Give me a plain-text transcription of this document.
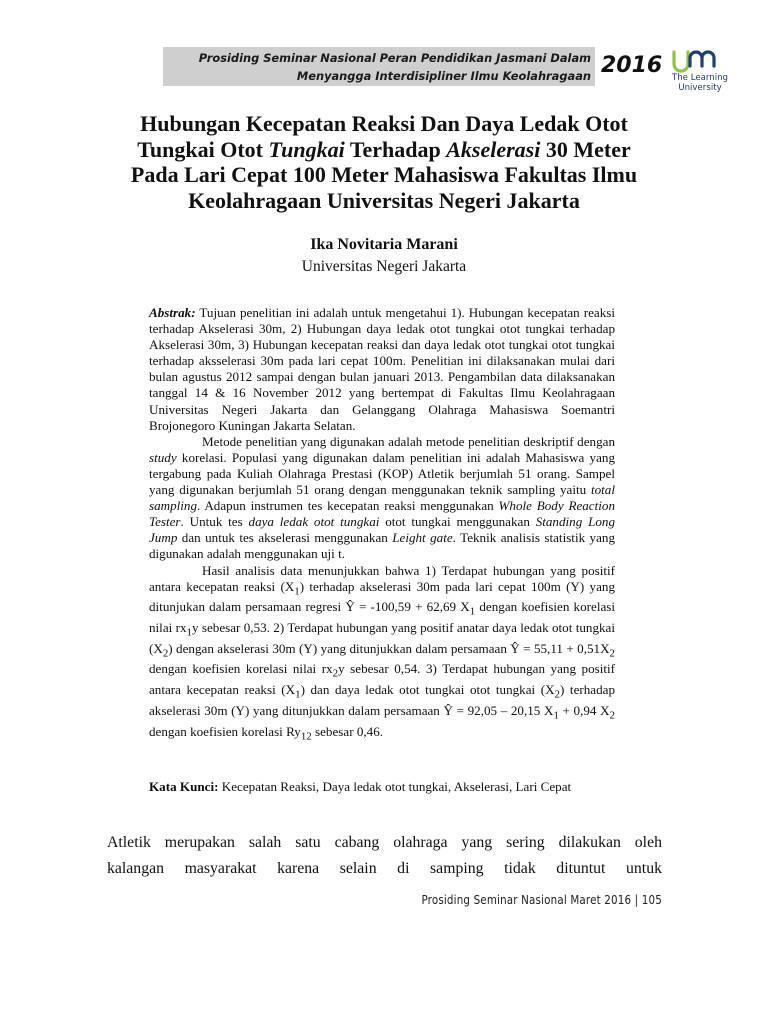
Prosiding Seminar Nasional Peran Pendidikan Jasmani Dalam
Menyangga Interdisipliner Ilmu Keolahragaan 2016	The Learning
University
Hubungan Kecepatan Reaksi Dan Daya Ledak Otot
Tungkai Otot Tungkai Terhadap Akselerasi 30 Meter
Pada Lari Cepat 100 Meter Mahasiswa Fakultas Ilmu
Keolahragaan Universitas Negeri Jakarta
Ika Novitaria Marani
Universitas Negeri Jakarta

Abstrak: Tujuan penelitian ini adalah untuk mengetahui 1). Hubungan kecepatan reaksi terhadap Akselerasi 30m, 2) Hubungan daya ledak otot tungkai otot tungkai terhadap Akselerasi 30m, 3) Hubungan kecepatan reaksi dan daya ledak otot tungkai otot tungkai terhadap aksselerasi 30m pada lari cepat 100m. Penelitian ini dilaksanakan mulai dari bulan agustus 2012 sampai dengan bulan januari 2013. Pengambilan data dilaksanakan tanggal 14 & 16 November 2012 yang bertempat di Fakultas Ilmu Keolahragaan Universitas Negeri Jakarta dan Gelanggang Olahraga Mahasiswa Soemantri Brojonegoro Kuningan Jakarta Selatan.

Metode penelitian yang digunakan adalah metode penelitian deskriptif dengan study korelasi. Populasi yang digunakan dalam penelitian ini adalah Mahasiswa yang tergabung pada Kuliah Olahraga Prestasi (KOP) Atletik berjumlah 51 orang. Sampel yang digunakan berjumlah 51 orang dengan menggunakan teknik sampling yaitu total sampling. Adapun instrumen tes kecepatan reaksi menggunakan Whole Body Reaction Tester. Untuk tes daya ledak otot tungkai otot tungkai menggunakan Standing Long Jump dan untuk tes akselerasi menggunakan Leight gate. Teknik analisis statistik yang digunakan adalah menggunakan uji t.

Hasil analisis data menunjukkan bahwa 1) Terdapat hubungan yang positif antara kecepatan reaksi $(X_1)$ terhadap akselerasi 30m pada lari cepat 100m (Y) yang ditunjukan dalam persamaan regresi Ŷ = -100,59 + 62,69 $X_1$ dengan koefisien korelasi nilai $rx_1y$ sebesar 0,53. 2) Terdapat hubungan yang positif anatar daya ledak otot tungkai $(X_2)$ dengan akselerasi 30m (Y) yang ditunjukkan dalam persamaan Ŷ = $55,11 + 0,51X_2$ dengan koefisien korelasi nilai $rx_2y$ sebesar 0,54. 3) Terdapat hubungan yang positif antara kecepatan reaksi $(X_1)$ dan daya ledak otot tungkai otot tungkai $(X_2)$ terhadap akselerasi 30m (Y) yang ditunjukkan dalam persamaan Ŷ = 92,05 – 20,15 $X_1 + 0,94$ $X_2$ dengan koefisien korelasi $Ry_{12}$ sebesar 0,46.

Kata Kunci: Kecepatan Reaksi, Daya ledak otot tungkai, Akselerasi, Lari Cepat
Atletik merupakan salah satu cabang olahraga yang sering dilakukan oleh
kalangan masyarakat karena selain di samping tidak dituntut untuk
Prosiding Seminar Nasional Maret 2016 | 105
